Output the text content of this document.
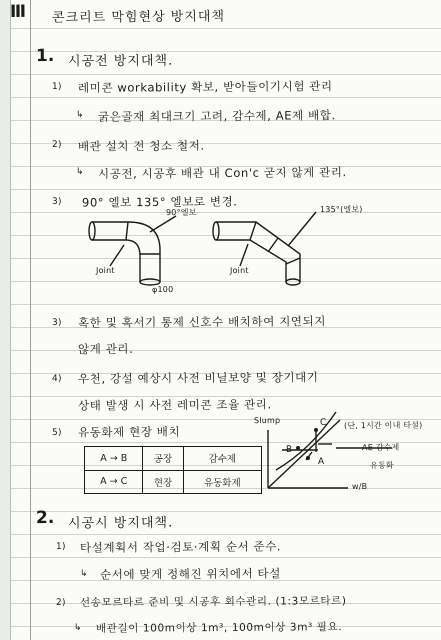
Ⅲ 콘크리트 막힘현상 방지대책
1. 시공전 방지대책.
1) 레미콘 workability 확보, 받아들이기시험 관리
↳ 굵은골재 최대크기 고려, 감수제, AE제 배합.
2) 배관 설치 전 청소 철저.
↳ 시공전, 시공후 배관 내 Con'c 굳지 않게 관리.
3) 90° 엘보 135° 엘보로 변경.
90°엘보	135°(엘보)
Joint	Joint
φ100
3) 혹한 및 혹서기 통제 신호수 배치하여 지연되지
않게 관리.
4) 우천, 강설 예상시 사전 비닐보양 및 장기대기
상태 발생 시 사전 레미콘 조율 관리.
5) 유동화제 현장 배치
A → B	공장	감수제
A → C	현장	유동화제
Slump
w/B
A
B
C (단, 1시간 이내 타설)
AE 감수제
유동화
2. 시공시 방지대책.
1) 타설계획서 작업·검토·계획 순서 준수.
↳ 순서에 맞게 정해진 위치에서 타설
2) 선송모르타르 준비 및 시공후 회수관리. (1:3모르타르)
↳ 배관길이 100m이상 1m³, 100m이상 3m³ 필요.
